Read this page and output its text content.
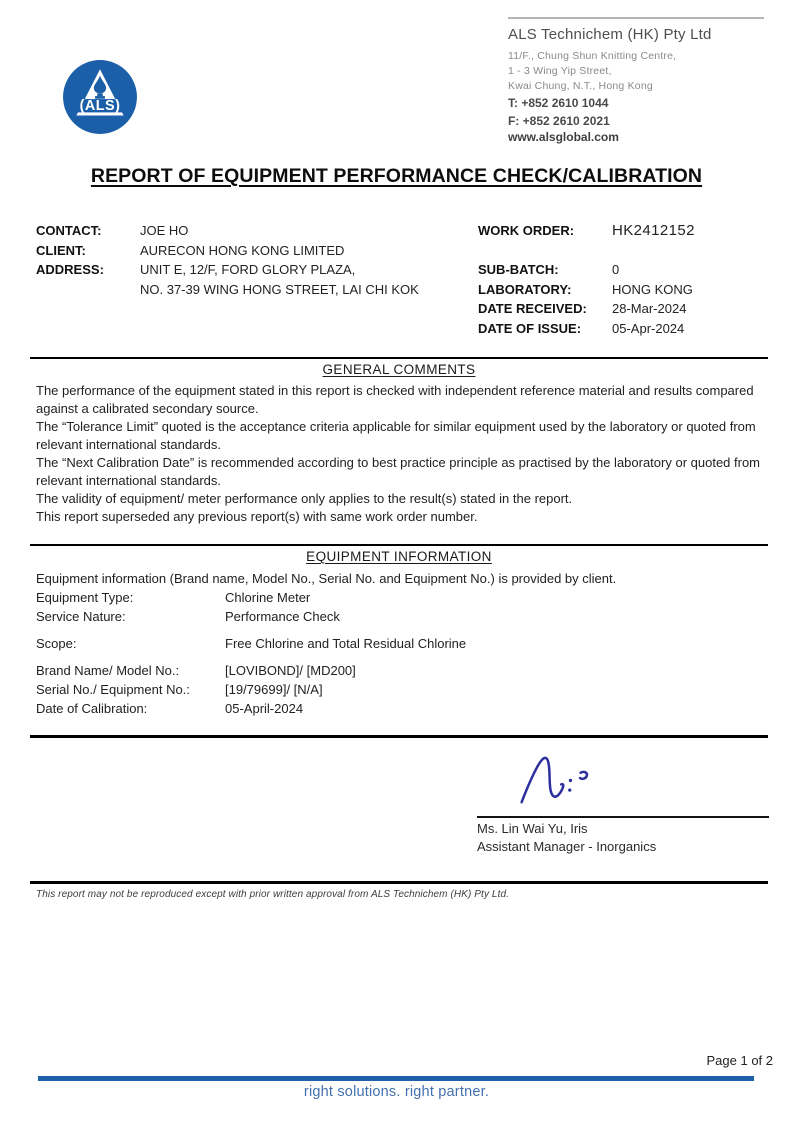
(ALS)
ALS Technichem (HK) Pty Ltd
11/F., Chung Shun Knitting Centre,
1 - 3 Wing Yip Street,
Kwai Chung, N.T., Hong Kong
T: +852 2610 1044
F: +852 2610 2021
www.alsglobal.com
REPORT OF EQUIPMENT PERFORMANCE CHECK/CALIBRATION
CONTACT:	JOE HO
CLIENT:	AURECON HONG KONG LIMITED
ADDRESS:	UNIT E, 12/F, FORD GLORY PLAZA,
NO. 37-39 WING HONG STREET, LAI CHI KOK
WORK ORDER:	HK2412152
SUB-BATCH:	0
LABORATORY:	HONG KONG
DATE RECEIVED:	28-Mar-2024
DATE OF ISSUE:	05-Apr-2024
GENERAL COMMENTS

The performance of the equipment stated in this report is checked with independent reference material and results compared against a calibrated secondary source.

The “Tolerance Limit” quoted is the acceptance criteria applicable for similar equipment used by the laboratory or quoted from relevant international standards.

The “Next Calibration Date” is recommended according to best practice principle as practised by the laboratory or quoted from relevant international standards.

The validity of equipment/ meter performance only applies to the result(s) stated in the report.

This report superseded any previous report(s) with same work order number.

EQUIPMENT INFORMATION
Equipment information (Brand name, Model No., Serial No. and Equipment No.) is provided by client.
Equipment Type:	Chlorine Meter
Service Nature:	Performance Check
Scope:	Free Chlorine and Total Residual Chlorine
Brand Name/ Model No.:	[LOVIBOND]/ [MD200]
Serial No./ Equipment No.:	[19/79699]/ [N/A]
Date of Calibration:	05-April-2024
Ms. Lin Wai Yu, Iris
Assistant Manager - Inorganics
This report may not be reproduced except with prior written approval from ALS Technichem (HK) Pty Ltd.
Page 1 of 2
right solutions. right partner.
